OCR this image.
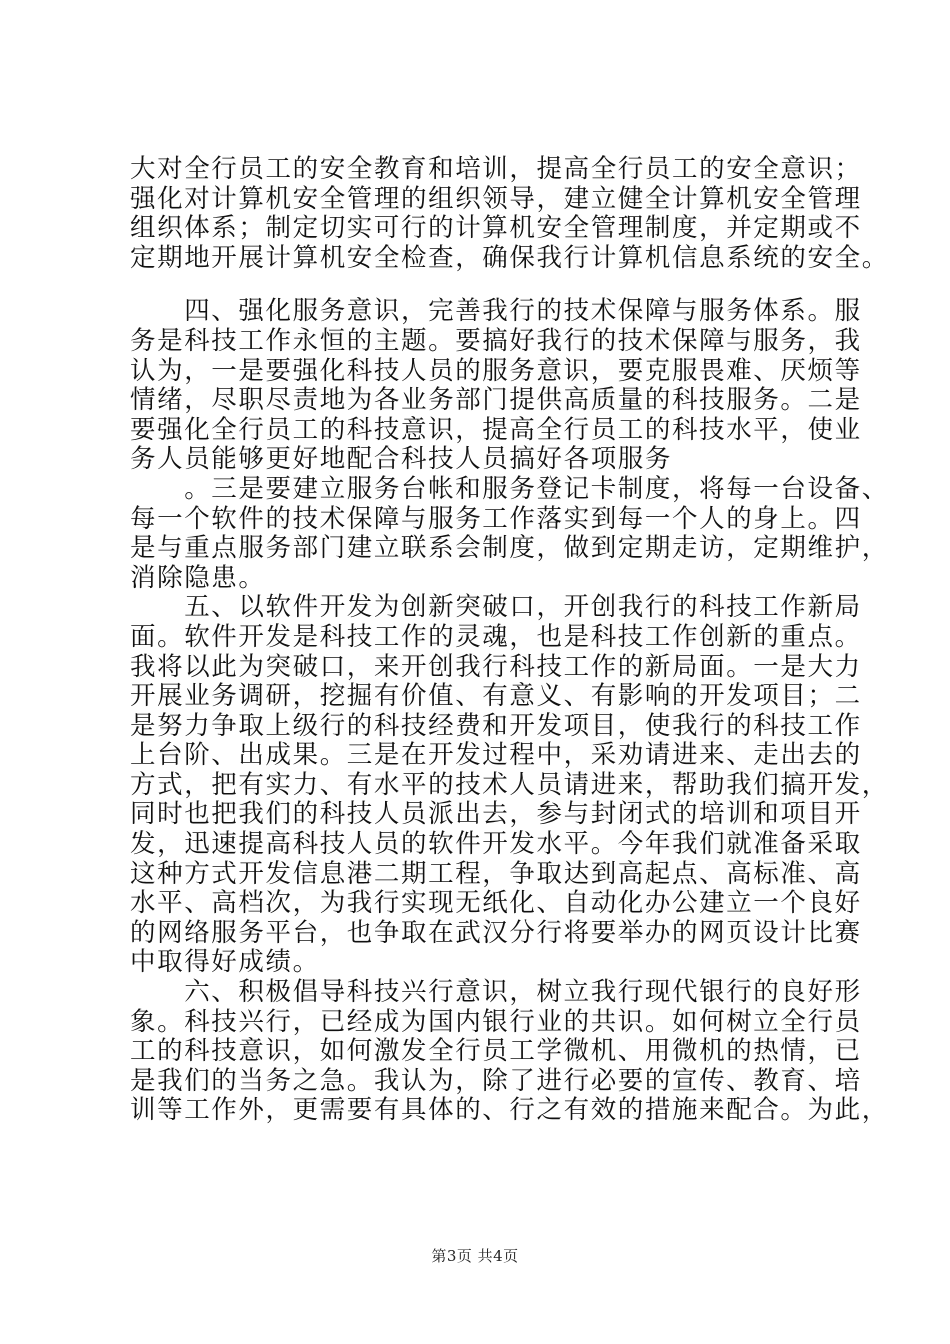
大对全行员工的安全教育和培训，提高全行员工的安全意识；
强化对计算机安全管理的组织领导，建立健全计算机安全管理
组织体系；制定切实可行的计算机安全管理制度，并定期或不
定期地开展计算机安全检查，确保我行计算机信息系统的安全。
　　四、强化服务意识，完善我行的技术保障与服务体系。服
务是科技工作永恒的主题。要搞好我行的技术保障与服务，我
认为，一是要强化科技人员的服务意识，要克服畏难、厌烦等
情绪，尽职尽责地为各业务部门提供高质量的科技服务。二是
要强化全行员工的科技意识，提高全行员工的科技水平，使业
务人员能够更好地配合科技人员搞好各项服务
　　。三是要建立服务台帐和服务登记卡制度，将每一台设备、
每一个软件的技术保障与服务工作落实到每一个人的身上。四
是与重点服务部门建立联系会制度，做到定期走访，定期维护，
消除隐患。
　　五、以软件开发为创新突破口，开创我行的科技工作新局
面。软件开发是科技工作的灵魂，也是科技工作创新的重点。
我将以此为突破口，来开创我行科技工作的新局面。一是大力
开展业务调研，挖掘有价值、有意义、有影响的开发项目；二
是努力争取上级行的科技经费和开发项目，使我行的科技工作
上台阶、出成果。三是在开发过程中，采劝请进来、走出去的
方式，把有实力、有水平的技术人员请进来，帮助我们搞开发，
同时也把我们的科技人员派出去，参与封闭式的培训和项目开
发，迅速提高科技人员的软件开发水平。今年我们就准备采取
这种方式开发信息港二期工程，争取达到高起点、高标准、高
水平、高档次，为我行实现无纸化、自动化办公建立一个良好
的网络服务平台，也争取在武汉分行将要举办的网页设计比赛
中取得好成绩。
　　六、积极倡导科技兴行意识，树立我行现代银行的良好形
象。科技兴行，已经成为国内银行业的共识。如何树立全行员
工的科技意识，如何激发全行员工学微机、用微机的热情，已
是我们的当务之急。我认为，除了进行必要的宣传、教育、培
训等工作外，更需要有具体的、行之有效的措施来配合。为此，
第3页 共4页
